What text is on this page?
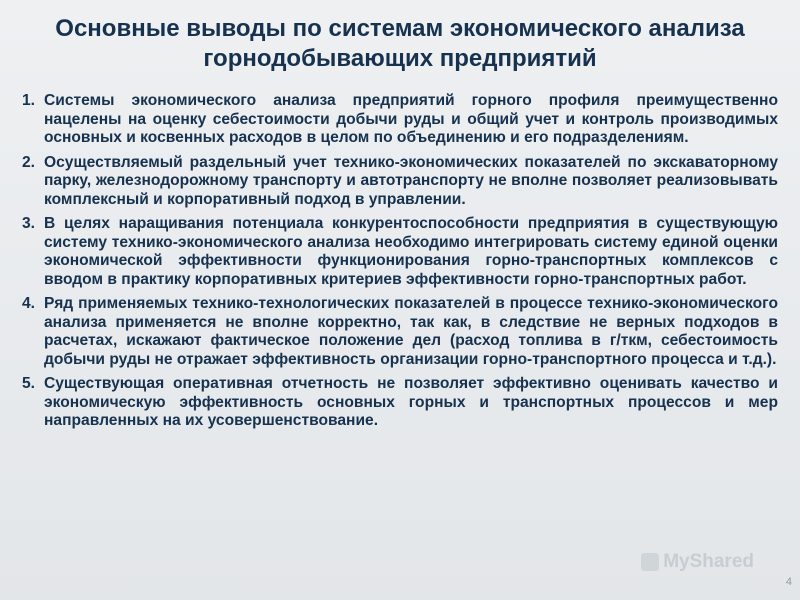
Основные выводы по системам экономического анализа
горнодобывающих предприятий
1. Системы экономического анализа предприятий горного профиля преимущественно нацелены на оценку себестоимости добычи руды и общий учет и контроль производимых основных и косвенных расходов в целом по объединению и его подразделениям.
2. Осуществляемый раздельный учет технико-экономических показателей по экскаваторному парку, железнодорожному транспорту и автотранспорту не вполне позволяет реализовывать комплексный и корпоративный подход в управлении.
3. В целях наращивания потенциала конкурентоспособности предприятия в существующую систему технико-экономического анализа необходимо интегрировать систему единой оценки экономической эффективности функционирования горно-транспортных комплексов с вводом в практику корпоративных критериев эффективности горно-транспортных работ.
4. Ряд применяемых технико-технологических показателей в процессе технико-экономического анализа применяется не вполне корректно, так как, в следствие не верных подходов в расчетах, искажают фактическое положение дел (расход топлива в г/ткм, себестоимость добычи руды не отражает эффективность организации горно-транспортного процесса и т.д.).
5. Существующая оперативная отчетность не позволяет эффективно оценивать качество и экономическую эффективность основных горных и транспортных процессов и мер направленных на их усовершенствование.
MyShared
4
